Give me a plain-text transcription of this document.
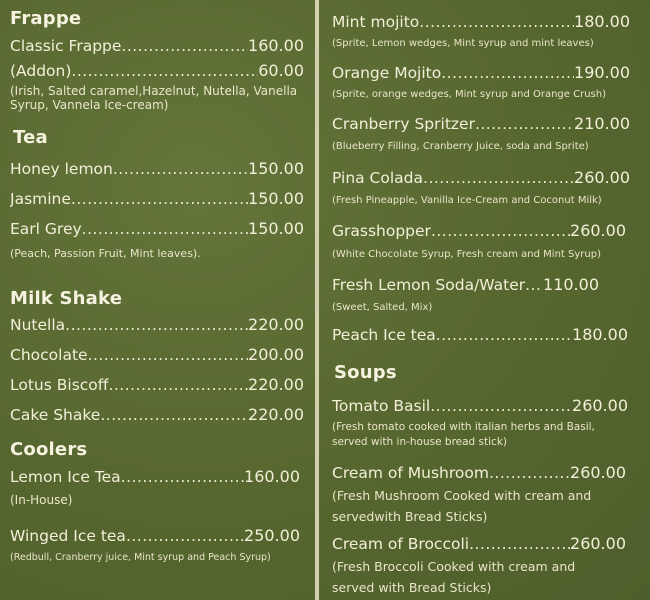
Frappe
Classic Frappe .....	160.00
(Addon) .....	60.00
(Irish, Salted caramel,Hazelnut, Nutella, Vanella Syrup, Vannela Ice-cream)
Tea
Honey lemon .....	150.00
Jasmine .....	150.00
Earl Grey .....	150.00
(Peach, Passion Fruit, Mint leaves).
Milk Shake
Nutella .....	220.00
Chocolate .....	200.00
Lotus Biscoff .....	220.00
Cake Shake .....	220.00
Coolers
Lemon Ice Tea .....	160.00
(In-House)
Winged Ice tea .....	250.00
(Redbull, Cranberry juice, Mint syrup and Peach Syrup)
Mint mojito .....	180.00
(Sprite, Lemon wedges, Mint syrup and mint leaves)
Orange Mojito .....	190.00
(Sprite, orange wedges, Mint syrup and Orange Crush)
Cranberry Spritzer .....	210.00
(Blueberry Filling, Cranberry Juice, soda and Sprite)
Pina Colada .....	260.00
(Fresh Pineapple, Vanilla Ice-Cream and Coconut Milk)
Grasshopper .....	260.00
(White Chocolate Syrup, Fresh cream and Mint Syrup)
Fresh Lemon Soda/Water ..... 110.00
(Sweet, Salted, Mix)
Peach Ice tea .....	180.00
Soups
Tomato Basil .....	260.00
(Fresh tomato cooked with italian herbs and Basil,
served with in-house bread stick)
Cream of Mushroom .....	260.00
(Fresh Mushroom Cooked with cream and
servedwith Bread Sticks)
Cream of Broccoli .....	260.00
(Fresh Broccoli Cooked with cream and
served with Bread Sticks)
